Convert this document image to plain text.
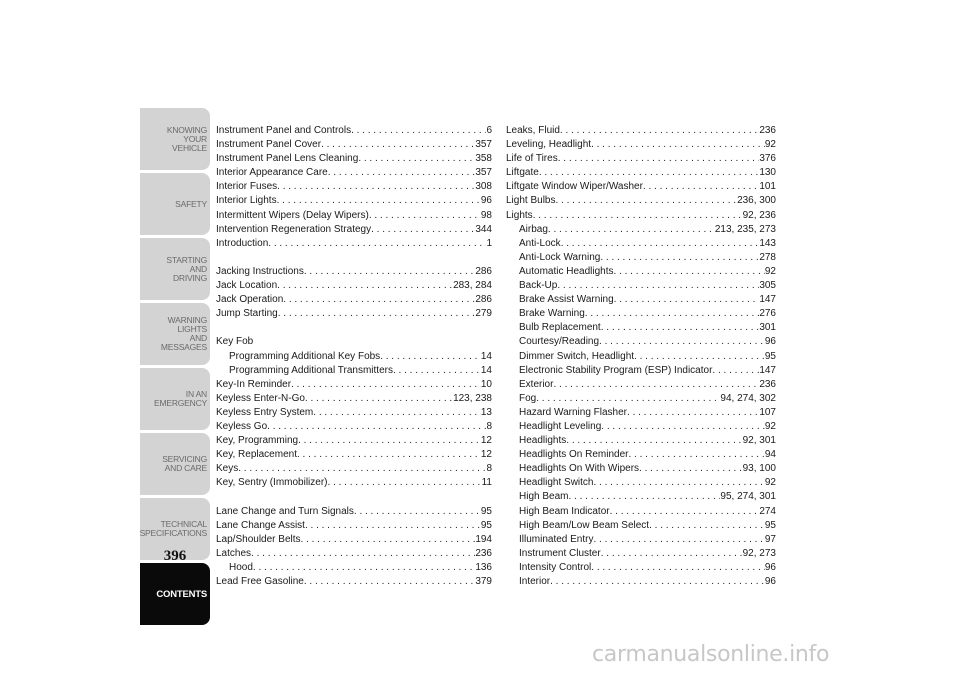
KNOWING
YOUR
VEHICLE
SAFETY
STARTING
AND
DRIVING
WARNING
LIGHTS
AND
MESSAGES
IN AN
EMERGENCY
SERVICING
AND CARE
TECHNICAL
SPECIFICATIONS
CONTENTS
396
Instrument Panel and Controls . . .	6
Instrument Panel Cover . . .	357
Instrument Panel Lens Cleaning . . .	358
Interior Appearance Care . . .	357
Interior Fuses . . .	308
Interior Lights . . .	96
Intermittent Wipers (Delay Wipers) . . .	98
Intervention Regeneration Strategy . . .	344
Introduction . . .	1
Jacking Instructions . . .	286
Jack Location . . .	283, 284
Jack Operation . . .	286
Jump Starting . . .	279
Key Fob
Programming Additional Key Fobs . . .	14
Programming Additional Transmitters . . .	14
Key-In Reminder . . .	10
Keyless Enter-N-Go . . .	123, 238
Keyless Entry System . . .	13
Keyless Go . . .	8
Key, Programming . . .	12
Key, Replacement . . .	12
Keys . . .	8
Key, Sentry (Immobilizer) . . .	11
Lane Change and Turn Signals . . .	95
Lane Change Assist . . .	95
Lap/Shoulder Belts . . .	194
Latches . . .	236
Hood . . .	136
Lead Free Gasoline . . .	379
Leaks, Fluid . . .	236
Leveling, Headlight . . .	92
Life of Tires . . .	376
Liftgate . . .	130
Liftgate Window Wiper/Washer . . .	101
Light Bulbs . . .	236, 300
Lights . . .	92, 236
Airbag . . .	213, 235, 273
Anti-Lock . . .	143
Anti-Lock Warning . . .	278
Automatic Headlights . . .	92
Back-Up . . .	305
Brake Assist Warning . . .	147
Brake Warning . . .	276
Bulb Replacement . . .	301
Courtesy/Reading . . .	96
Dimmer Switch, Headlight . . .	95
Electronic Stability Program (ESP) Indicator . . .	147
Exterior . . .	236
Fog . . .	94, 274, 302
Hazard Warning Flasher . . .	107
Headlight Leveling . . .	92
Headlights . . .	92, 301
Headlights On Reminder . . .	94
Headlights On With Wipers . . .	93, 100
Headlight Switch . . .	92
High Beam . . .	95, 274, 301
High Beam Indicator . . .	274
High Beam/Low Beam Select . . .	95
Illuminated Entry . . .	97
Instrument Cluster . . .	92, 273
Intensity Control . . .	96
Interior . . .	96
carmanualsonline.info
